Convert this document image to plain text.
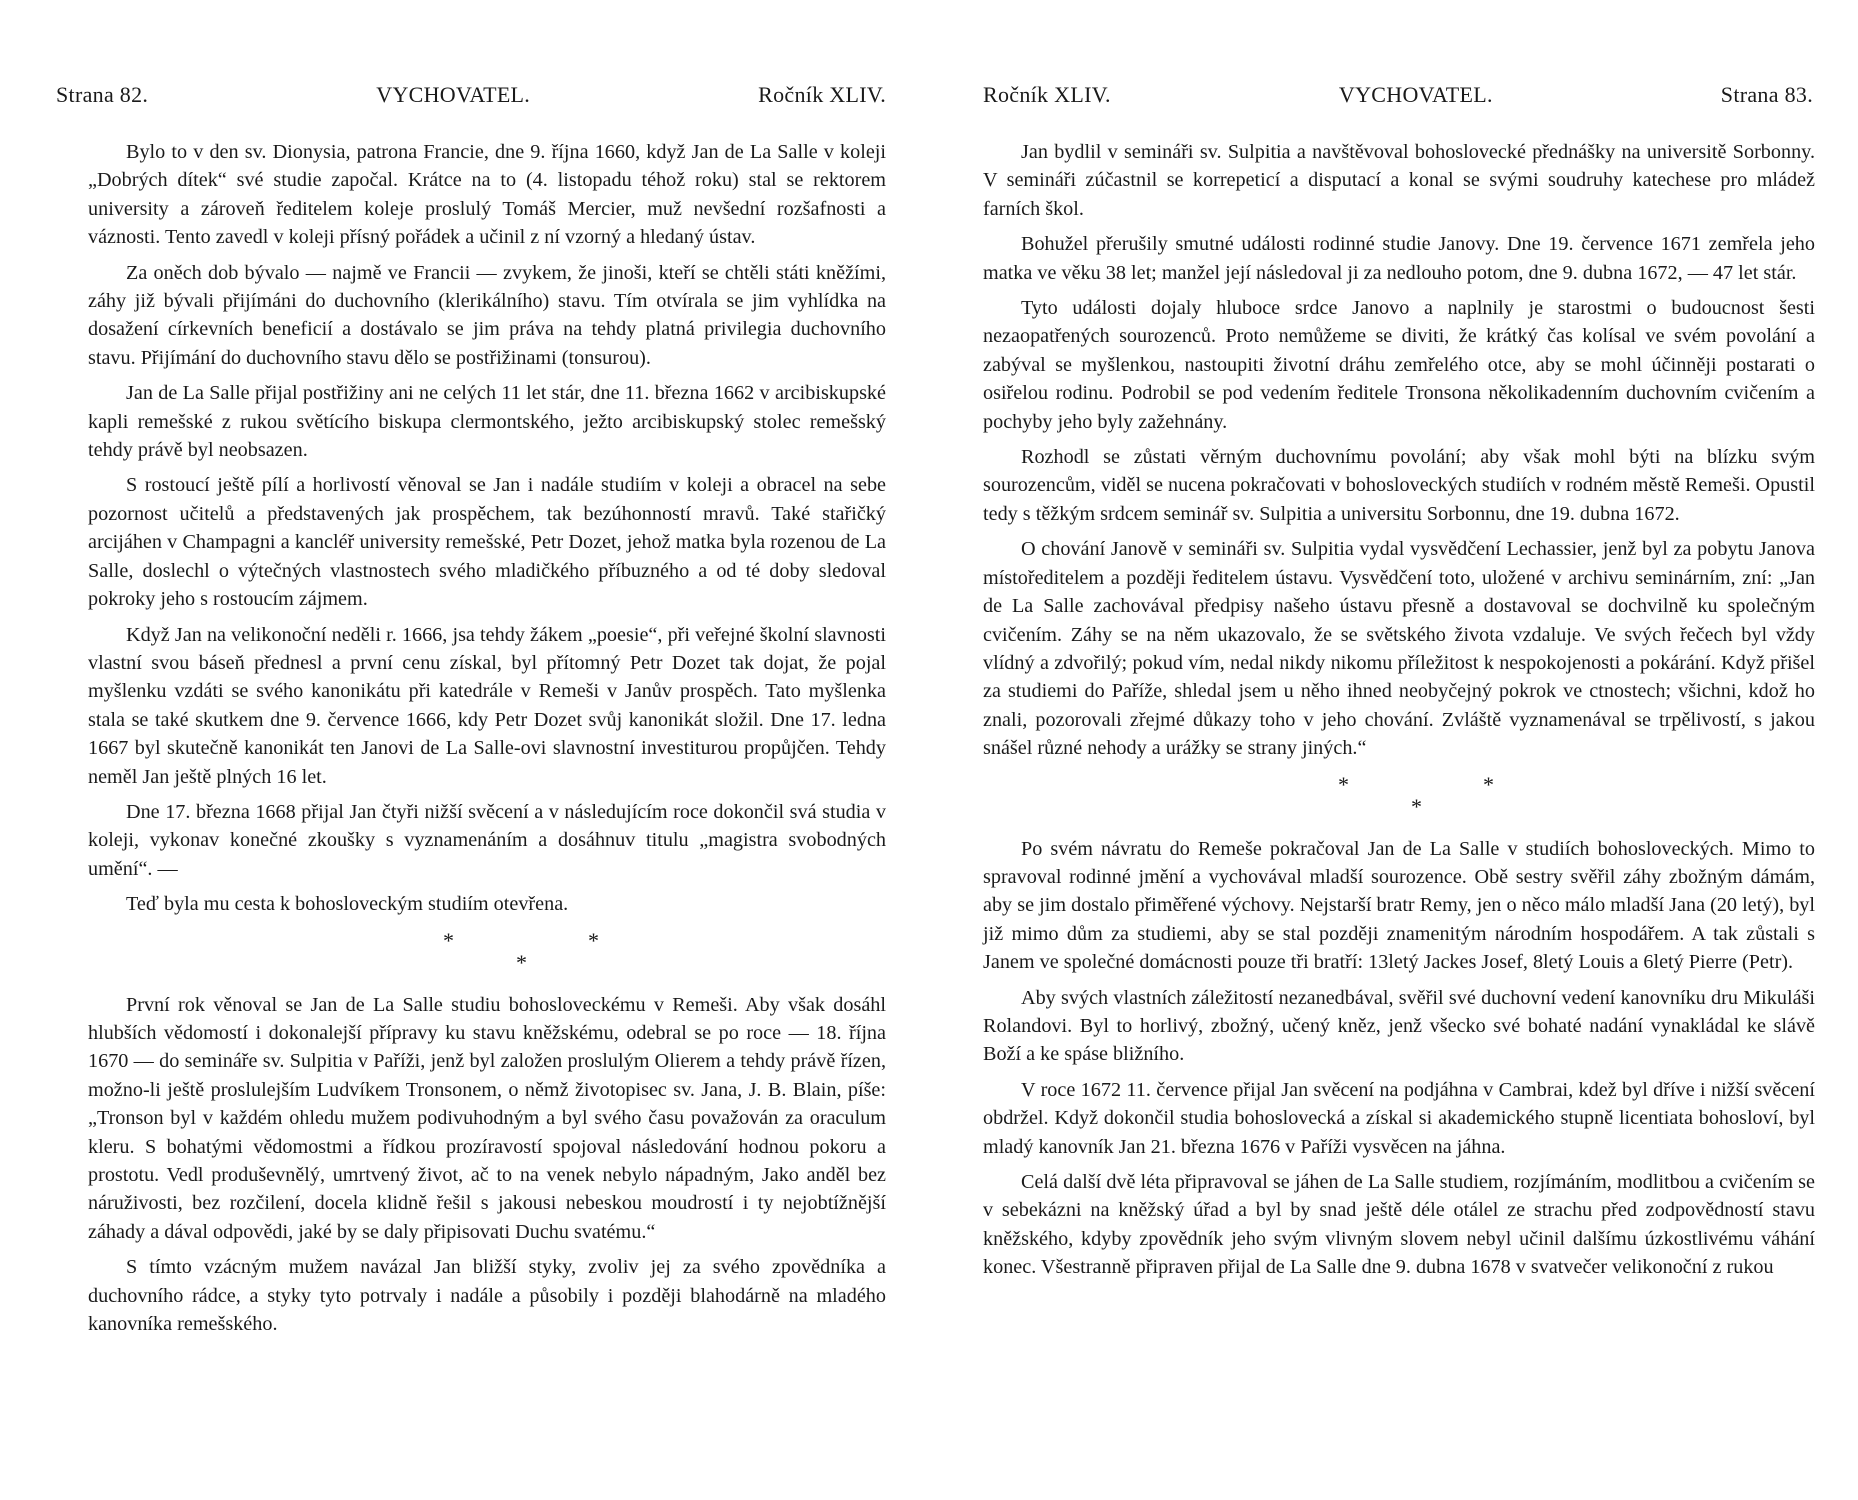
Strana 82.	VYCHOVATEL.	Ročník XLIV.

Bylo to v den sv. Dionysia, patrona Francie, dne 9. října 1660, když Jan de La Salle v koleji „Dobrých dítek“ své studie započal. Krátce na to (4. listopadu téhož roku) stal se rektorem university a zároveň ředitelem koleje proslulý Tomáš Mercier, muž nevšední rozšafnosti a váznosti. Tento zavedl v koleji přísný pořádek a učinil z ní vzorný a hledaný ústav.

Za oněch dob bývalo — najmě ve Francii — zvykem, že jinoši, kteří se chtěli státi kněžími, záhy již bývali přijímáni do duchovního (klerikálního) stavu. Tím otvírala se jim vyhlídka na dosažení církevních beneficií a dostávalo se jim práva na tehdy platná privilegia duchovního stavu. Přijímání do duchovního stavu dělo se postřižinami (tonsurou).

Jan de La Salle přijal postřižiny ani ne celých 11 let stár, dne 11. března 1662 v arcibiskupské kapli remešské z rukou světícího biskupa clermontského, ježto arcibiskupský stolec remešský tehdy právě byl neobsazen.

S rostoucí ještě pílí a horlivostí věnoval se Jan i nadále studiím v koleji a obracel na sebe pozornost učitelů a představených jak prospěchem, tak bezúhonností mravů. Také stařičký arcijáhen v Champagni a kancléř university remešské, Petr Dozet, jehož matka byla rozenou de La Salle, doslechl o výtečných vlastnostech svého mladičkého příbuzného a od té doby sledoval pokroky jeho s rostoucím zájmem.

Když Jan na velikonoční neděli r. 1666, jsa tehdy žákem „poesie“, při veřejné školní slavnosti vlastní svou báseň přednesl a první cenu získal, byl přítomný Petr Dozet tak dojat, že pojal myšlenku vzdáti se svého kanonikátu při katedrále v Remeši v Janův prospěch. Tato myšlenka stala se také skutkem dne 9. července 1666, kdy Petr Dozet svůj kanonikát složil. Dne 17. ledna 1667 byl skutečně kanonikát ten Janovi de La Salle-ovi slavnostní investiturou propůjčen. Tehdy neměl Jan ještě plných 16 let.

Dne 17. března 1668 přijal Jan čtyři nižší svěcení a v následujícím roce dokončil svá studia v koleji, vykonav konečné zkoušky s vyznamenáním a dosáhnuv titulu „magistra svobodných umění“. —

Teď byla mu cesta k bohosloveckým studiím otevřena.

*	*
*

První rok věnoval se Jan de La Salle studiu bohosloveckému v Remeši. Aby však dosáhl hlubších vědomostí i dokonalejší přípravy ku stavu kněžskému, odebral se po roce — 18. října 1670 — do semináře sv. Sulpitia v Paříži, jenž byl založen proslulým Olierem a tehdy právě řízen, možno-li ještě proslulejším Ludvíkem Tronsonem, o němž životopisec sv. Jana, J. B. Blain, píše: „Tronson byl v každém ohledu mužem podivuhodným a byl svého času považován za oraculum kleru. S bohatými vědomostmi a řídkou prozíravostí spojoval následování hodnou pokoru a prostotu. Vedl produševnělý, umrtvený život, ač to na venek nebylo nápadným, Jako anděl bez náruživosti, bez rozčilení, docela klidně řešil s jakousi nebeskou moudrostí i ty nejobtížnější záhady a dával odpovědi, jaké by se daly připisovati Duchu svatému.“

S tímto vzácným mužem navázal Jan bližší styky, zvoliv jej za svého zpovědníka a duchovního rádce, a styky tyto potrvaly i nadále a působily i později blahodárně na mladého kanovníka remešského.

Ročník XLIV.	VYCHOVATEL.	Strana 83.

Jan bydlil v semináři sv. Sulpitia a navštěvoval bohoslovecké přednášky na universitě Sorbonny. V semináři zúčastnil se korrepeticí a disputací a konal se svými soudruhy katechese pro mládež farních škol.

Bohužel přerušily smutné události rodinné studie Janovy. Dne 19. července 1671 zemřela jeho matka ve věku 38 let; manžel její následoval ji za nedlouho potom, dne 9. dubna 1672, — 47 let stár.

Tyto události dojaly hluboce srdce Janovo a naplnily je starostmi o budoucnost šesti nezaopatřených sourozenců. Proto nemůžeme se diviti, že krátký čas kolísal ve svém povolání a zabýval se myšlenkou, nastoupiti životní dráhu zemřelého otce, aby se mohl účinněji postarati o osiřelou rodinu. Podrobil se pod vedením ředitele Tronsona několikadenním duchovním cvičením a pochyby jeho byly zažehnány.

Rozhodl se zůstati věrným duchovnímu povolání; aby však mohl býti na blízku svým sourozencům, viděl se nucena pokračovati v bohosloveckých studiích v rodném městě Remeši. Opustil tedy s těžkým srdcem seminář sv. Sulpitia a universitu Sorbonnu, dne 19. dubna 1672.

O chování Janově v semináři sv. Sulpitia vydal vysvědčení Lechassier, jenž byl za pobytu Janova místoředitelem a později ředitelem ústavu. Vysvědčení toto, uložené v archivu seminárním, zní: „Jan de La Salle zachovával předpisy našeho ústavu přesně a dostavoval se dochvilně ku společným cvičením. Záhy se na něm ukazovalo, že se světského života vzdaluje. Ve svých řečech byl vždy vlídný a zdvořilý; pokud vím, nedal nikdy nikomu příležitost k nespokojenosti a pokárání. Když přišel za studiemi do Paříže, shledal jsem u něho ihned neobyčejný pokrok ve ctnostech; všichni, kdož ho znali, pozorovali zřejmé důkazy toho v jeho chování. Zvláště vyznamenával se trpělivostí, s jakou snášel různé nehody a urážky se strany jiných.“

*	*
*

Po svém návratu do Remeše pokračoval Jan de La Salle v studiích bohosloveckých. Mimo to spravoval rodinné jmění a vychovával mladší sourozence. Obě sestry svěřil záhy zbožným dámám, aby se jim dostalo přiměřené výchovy. Nejstarší bratr Remy, jen o něco málo mladší Jana (20 letý), byl již mimo dům za studiemi, aby se stal později znamenitým národním hospodářem. A tak zůstali s Janem ve společné domácnosti pouze tři bratří: 13letý Jackes Josef, 8letý Louis a 6letý Pierre (Petr).

Aby svých vlastních záležitostí nezanedbával, svěřil své duchovní vedení kanovníku dru Mikuláši Rolandovi. Byl to horlivý, zbožný, učený kněz, jenž všecko své bohaté nadání vynakládal ke slávě Boží a ke spáse bližního.

V roce 1672 11. července přijal Jan svěcení na podjáhna v Cambrai, kdež byl dříve i nižší svěcení obdržel. Když dokončil studia bohoslovecká a získal si akademického stupně licentiata bohosloví, byl mladý kanovník Jan 21. března 1676 v Paříži vysvěcen na jáhna.

Celá další dvě léta připravoval se jáhen de La Salle studiem, rozjímáním, modlitbou a cvičením se v sebekázni na kněžský úřad a byl by snad ještě déle otálel ze strachu před zodpovědností stavu kněžského, kdyby zpovědník jeho svým vlivným slovem nebyl učinil dalšímu úzkostlivému váhání konec. Všestranně připraven přijal de La Salle dne 9. dubna 1678 v svatvečer velikonoční z rukou
